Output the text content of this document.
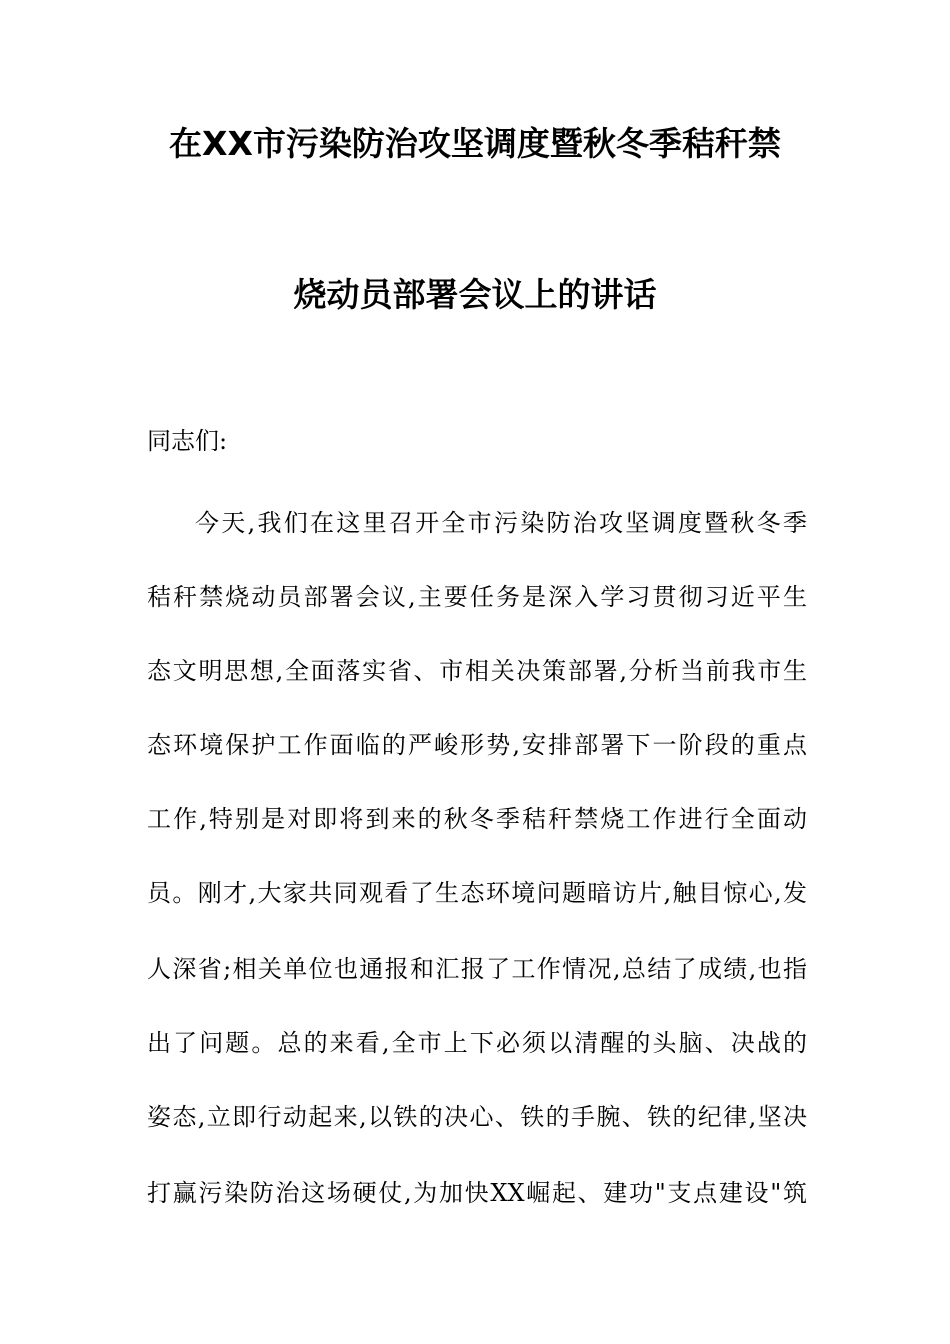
在XX市污染防治攻坚调度暨秋冬季秸秆禁
烧动员部署会议上的讲话
同志们:
今天,我们在这里召开全市污染防治攻坚调度暨秋冬季
秸秆禁烧动员部署会议,主要任务是深入学习贯彻习近平生
态文明思想,全面落实省、市相关决策部署,分析当前我市生
态环境保护工作面临的严峻形势,安排部署下一阶段的重点
工作,特别是对即将到来的秋冬季秸秆禁烧工作进行全面动
员。刚才,大家共同观看了生态环境问题暗访片,触目惊心,发
人深省;相关单位也通报和汇报了工作情况,总结了成绩,也指
出了问题。总的来看,全市上下必须以清醒的头脑、决战的
姿态,立即行动起来,以铁的决心、铁的手腕、铁的纪律,坚决
打赢污染防治这场硬仗,为加快XX崛起、建功"支点建设"筑
